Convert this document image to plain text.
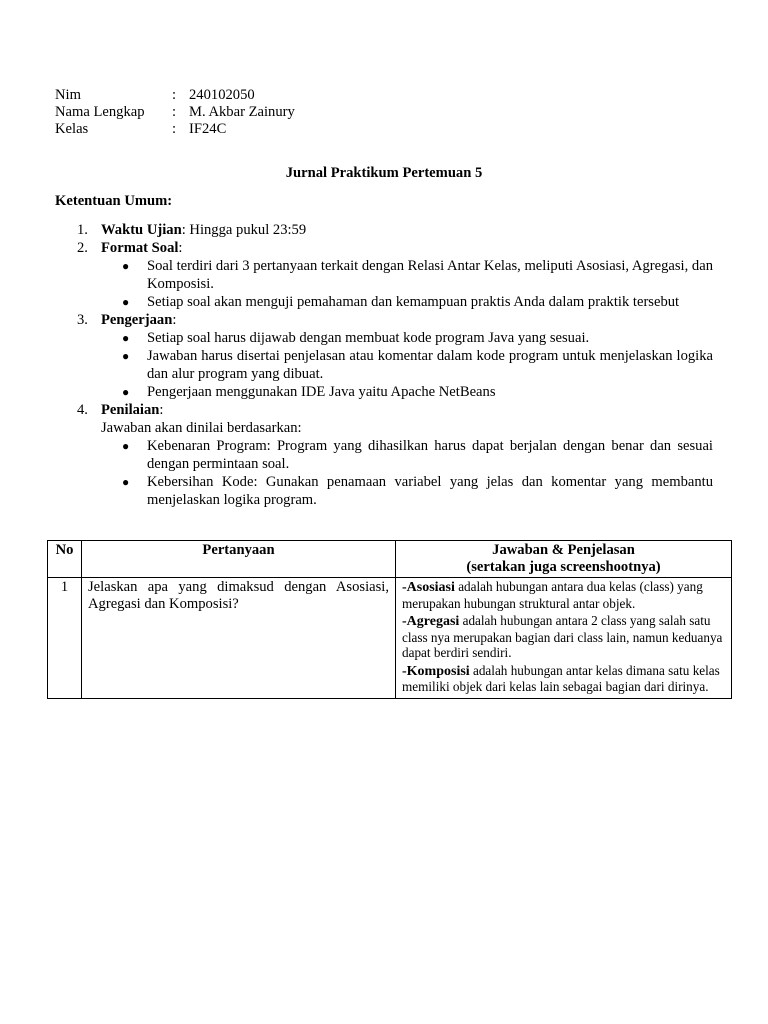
Nim	: 240102050
Nama Lengkap	: M. Akbar Zainury
Kelas	: IF24C
Jurnal Praktikum Pertemuan 5
Ketentuan Umum:
1. Waktu Ujian: Hingga pukul 23:59
2. Format Soal:
● Soal terdiri dari 3 pertanyaan terkait dengan Relasi Antar Kelas, meliputi Asosiasi, Agregasi, dan Komposisi.
● Setiap soal akan menguji pemahaman dan kemampuan praktis Anda dalam praktik tersebut
3. Pengerjaan:
● Setiap soal harus dijawab dengan membuat kode program Java yang sesuai.
● Jawaban harus disertai penjelasan atau komentar dalam kode program untuk menjelaskan logika dan alur program yang dibuat.
● Pengerjaan menggunakan IDE Java yaitu Apache NetBeans
4. Penilaian:
Jawaban akan dinilai berdasarkan:
● Kebenaran Program: Program yang dihasilkan harus dapat berjalan dengan benar dan sesuai dengan permintaan soal.
● Kebersihan Kode: Gunakan penamaan variabel yang jelas dan komentar yang membantu menjelaskan logika program.
No	Pertanyaan	Jawaban & Penjelasan
(sertakan juga screenshootnya)

1	Jelaskan apa yang dimaksud dengan Asosiasi, Agregasi dan Komposisi?	-Asosiasi adalah hubungan antara dua kelas (class) yang merupakan hubungan struktural antar objek.

-Agregasi adalah hubungan antara 2 class yang salah satu class nya merupakan bagian dari class lain, namun keduanya dapat berdiri sendiri.

-Komposisi adalah hubungan antar kelas dimana satu kelas memiliki objek dari kelas lain sebagai bagian dari dirinya.
